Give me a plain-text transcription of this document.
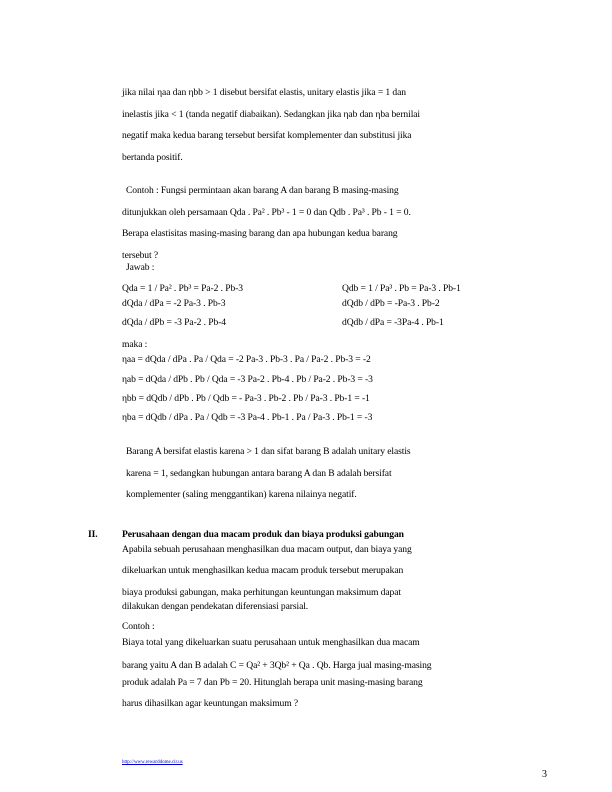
jika nilai ηaa dan ηbb > 1 disebut bersifat elastis, unitary elastis jika = 1 dan
inelastis jika < 1 (tanda negatif diabaikan). Sedangkan jika ηab dan ηba bernilai
negatif maka kedua barang tersebut bersifat komplementer dan substitusi jika
bertanda positif.
Contoh : Fungsi permintaan akan barang A dan barang B masing-masing
ditunjukkan oleh persamaan Qda . Pa² . Pb³ - 1 = 0 dan Qdb . Pa³ . Pb - 1 = 0.
Berapa elastisitas masing-masing barang dan apa hubungan kedua barang
tersebut ?
Jawab :
Qda = 1 / Pa² . Pb³ = Pa-2 . Pb-3	Qdb = 1 / Pa³ . Pb = Pa-3 . Pb-1
dQda / dPa = -2 Pa-3 . Pb-3	dQdb / dPb = -Pa-3 . Pb-2
dQda / dPb = -3 Pa-2 . Pb-4	dQdb / dPa = -3Pa-4 . Pb-1
maka :
ηaa = dQda / dPa . Pa / Qda = -2 Pa-3 . Pb-3 . Pa / Pa-2 . Pb-3 = -2
ηab = dQda / dPb . Pb / Qda = -3 Pa-2 . Pb-4 . Pb / Pa-2 . Pb-3 = -3
ηbb = dQdb / dPb . Pb / Qdb = - Pa-3 . Pb-2 . Pb / Pa-3 . Pb-1 = -1
ηba = dQdb / dPa . Pa / Qdb = -3 Pa-4 . Pb-1 . Pa / Pa-3 . Pb-1 = -3
Barang A bersifat elastis karena > 1 dan sifat barang B adalah unitary elastis
karena = 1, sedangkan hubungan antara barang A dan B adalah bersifat
komplementer (saling menggantikan) karena nilainya negatif.
II.	Perusahaan dengan dua macam produk dan biaya produksi gabungan
Apabila sebuah perusahaan menghasilkan dua macam output, dan biaya yang
dikeluarkan untuk menghasilkan kedua macam produk tersebut merupakan
biaya produksi gabungan, maka perhitungan keuntungan maksimum dapat
dilakukan dengan pendekatan diferensiasi parsial.
Contoh :
Biaya total yang dikeluarkan suatu perusahaan untuk menghasilkan dua macam
barang yaitu A dan B adalah C = Qa² + 3Qb² + Qa . Qb. Harga jual masing-masing
produk adalah Pa = 7 dan Pb = 20. Hitunglah berapa unit masing-masing barang
harus dihasilkan agar keuntungan maksimum ?
http://www.rewarddome.cir.us
3
